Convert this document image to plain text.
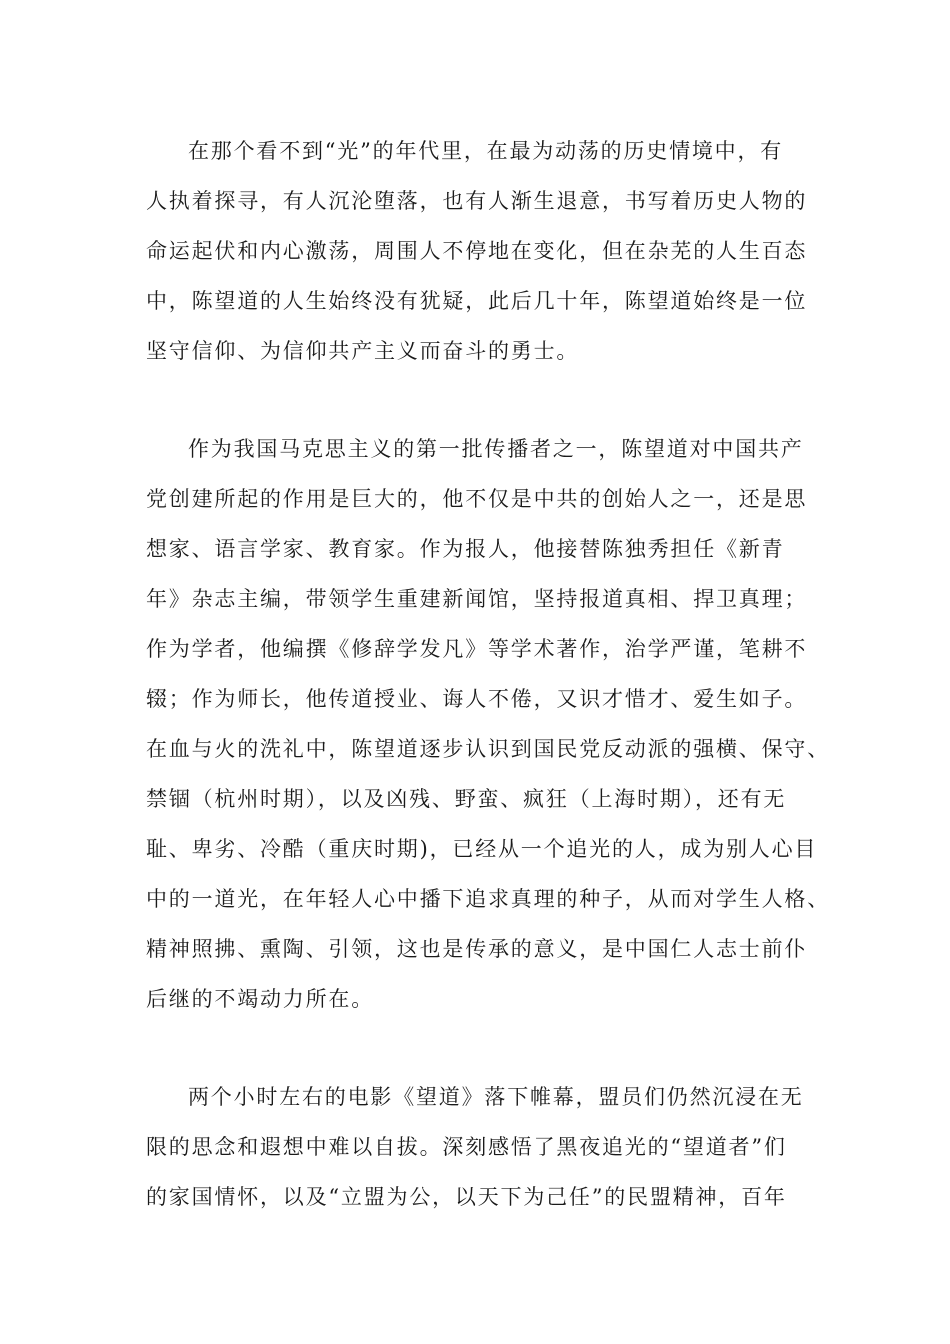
在那个看不到“光”的年代里，在最为动荡的历史情境中，有
人执着探寻，有人沉沦堕落，也有人渐生退意，书写着历史人物的
命运起伏和内心激荡，周围人不停地在变化，但在杂芜的人生百态
中，陈望道的人生始终没有犹疑，此后几十年，陈望道始终是一位
坚守信仰、为信仰共产主义而奋斗的勇士。
作为我国马克思主义的第一批传播者之一，陈望道对中国共产
党创建所起的作用是巨大的，他不仅是中共的创始人之一，还是思
想家、语言学家、教育家。作为报人，他接替陈独秀担任《新青
年》杂志主编，带领学生重建新闻馆，坚持报道真相、捍卫真理；
作为学者，他编撰《修辞学发凡》等学术著作，治学严谨，笔耕不
辍；作为师长，他传道授业、诲人不倦，又识才惜才、爱生如子。
在血与火的洗礼中，陈望道逐步认识到国民党反动派的强横、保守、
禁锢（杭州时期），以及凶残、野蛮、疯狂（上海时期），还有无
耻、卑劣、冷酷（重庆时期)，已经从一个追光的人，成为别人心目
中的一道光，在年轻人心中播下追求真理的种子，从而对学生人格、
精神照拂、熏陶、引领，这也是传承的意义，是中国仁人志士前仆
后继的不竭动力所在。
两个小时左右的电影《望道》落下帷幕，盟员们仍然沉浸在无
限的思念和遐想中难以自拔。深刻感悟了黑夜追光的“望道者”们
的家国情怀，以及“立盟为公，以天下为己任”的民盟精神，百年
